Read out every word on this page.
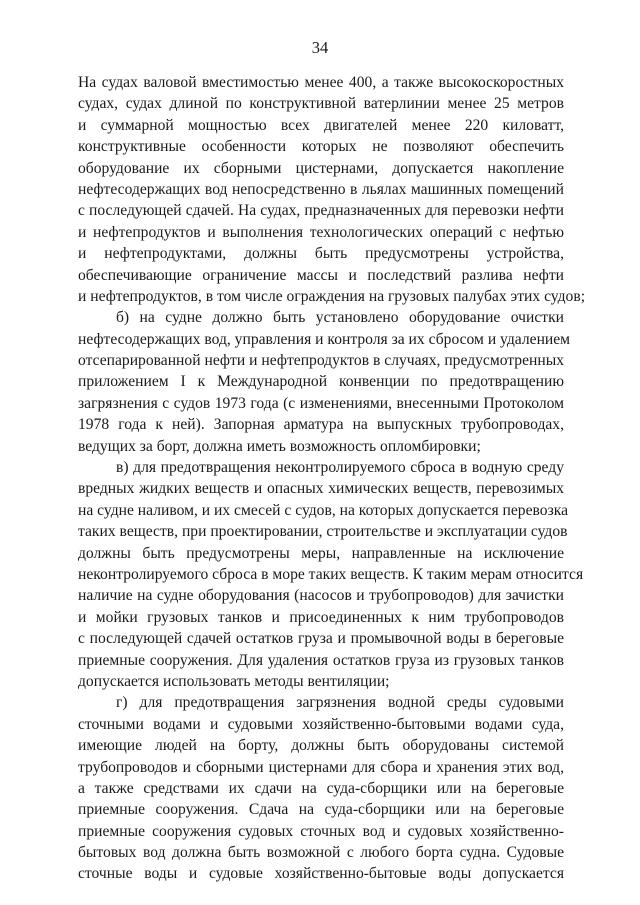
34
На судах валовой вместимостью менее 400, а также высокоскоростных
судах, судах длиной по конструктивной ватерлинии менее 25 метров
и суммарной мощностью всех двигателей менее 220 киловатт,
конструктивные особенности которых не позволяют обеспечить
оборудование их сборными цистернами, допускается накопление
нефтесодержащих вод непосредственно в льялах машинных помещений
с последующей сдачей. На судах, предназначенных для перевозки нефти
и нефтепродуктов и выполнения технологических операций с нефтью
и нефтепродуктами, должны быть предусмотрены устройства,
обеспечивающие ограничение массы и последствий разлива нефти
и нефтепродуктов, в том числе ограждения на грузовых палубах этих судов;
б) на судне должно быть установлено оборудование очистки
нефтесодержащих вод, управления и контроля за их сбросом и удалением
отсепарированной нефти и нефтепродуктов в случаях, предусмотренных
приложением I к Международной конвенции по предотвращению
загрязнения с судов 1973 года (с изменениями, внесенными Протоколом
1978 года к ней). Запорная арматура на выпускных трубопроводах,
ведущих за борт, должна иметь возможность опломбировки;
в) для предотвращения неконтролируемого сброса в водную среду
вредных жидких веществ и опасных химических веществ, перевозимых
на судне наливом, и их смесей с судов, на которых допускается перевозка
таких веществ, при проектировании, строительстве и эксплуатации судов
должны быть предусмотрены меры, направленные на исключение
неконтролируемого сброса в море таких веществ. К таким мерам относится
наличие на судне оборудования (насосов и трубопроводов) для зачистки
и мойки грузовых танков и присоединенных к ним трубопроводов
с последующей сдачей остатков груза и промывочной воды в береговые
приемные сооружения. Для удаления остатков груза из грузовых танков
допускается использовать методы вентиляции;
г) для предотвращения загрязнения водной среды судовыми
сточными водами и судовыми хозяйственно-бытовыми водами суда,
имеющие людей на борту, должны быть оборудованы системой
трубопроводов и сборными цистернами для сбора и хранения этих вод,
а также средствами их сдачи на суда-сборщики или на береговые
приемные сооружения. Сдача на суда-сборщики или на береговые
приемные сооружения судовых сточных вод и судовых хозяйственно-
бытовых вод должна быть возможной с любого борта судна. Судовые
сточные воды и судовые хозяйственно-бытовые воды допускается
